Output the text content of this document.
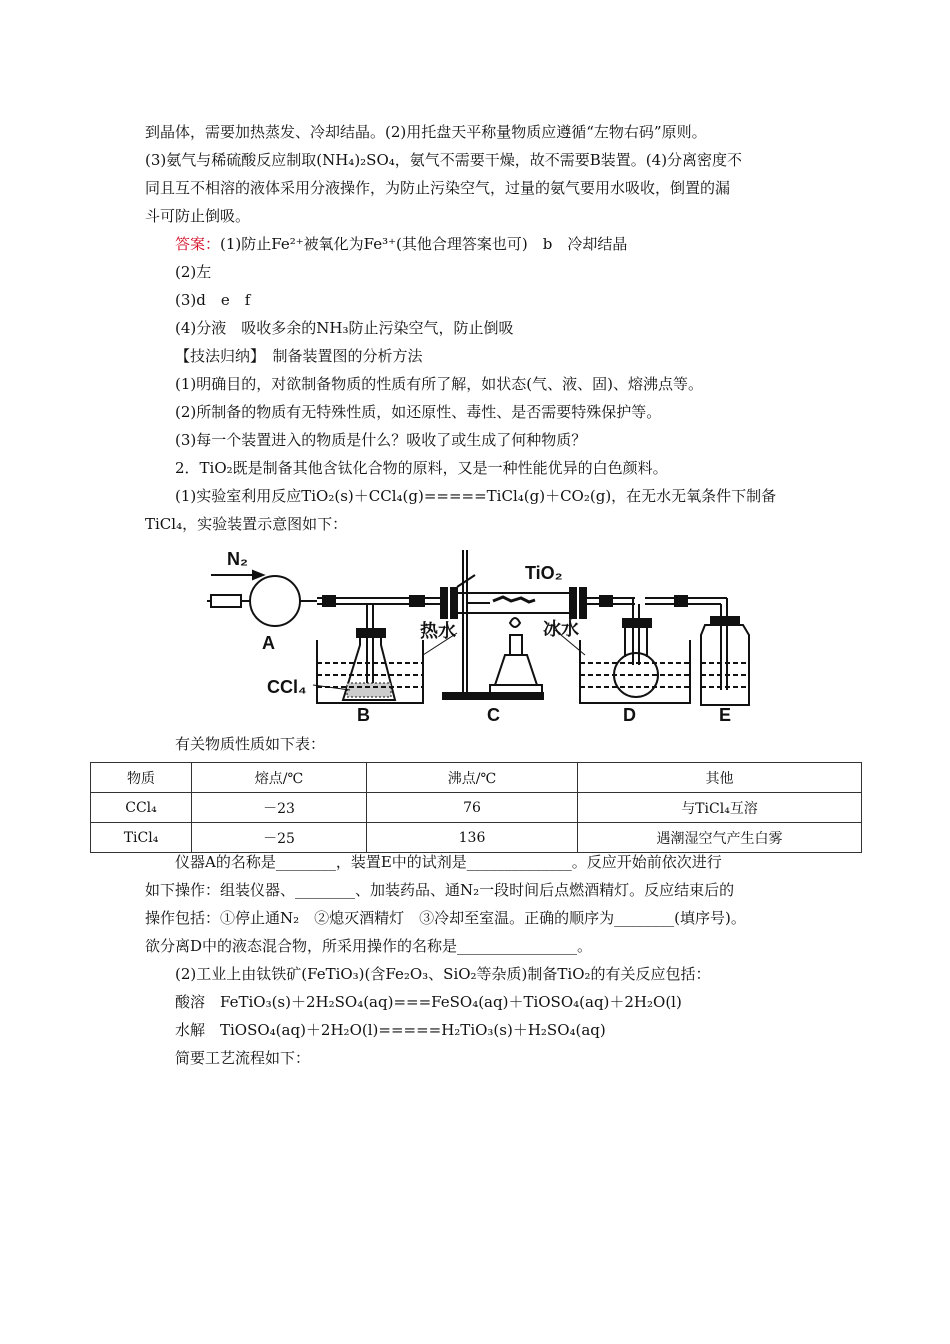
到晶体，需要加热蒸发、冷却结晶。(2)用托盘天平称量物质应遵循“左物右码”原则。
(3)氨气与稀硫酸反应制取(NH₄)₂SO₄，氨气不需要干燥，故不需要B装置。(4)分离密度不
同且互不相溶的液体采用分液操作，为防止污染空气，过量的氨气要用水吸收，倒置的漏
斗可防止倒吸。
答案：(1)防止Fe²⁺被氧化为Fe³⁺(其他合理答案也可)　b　冷却结晶
(2)左
(3)d　e　f
(4)分液　吸收多余的NH₃防止污染空气，防止倒吸
【技法归纳】　制备装置图的分析方法
(1)明确目的，对欲制备物质的性质有所了解，如状态(气、液、固)、熔沸点等。
(2)所制备的物质有无特殊性质，如还原性、毒性、是否需要特殊保护等。
(3)每一个装置进入的物质是什么？吸收了或生成了何种物质？
2．TiO₂既是制备其他含钛化合物的原料，又是一种性能优异的白色颜料。
(1)实验室利用反应TiO₂(s)＋CCl₄(g)=====TiCl₄(g)＋CO₂(g)，在无水无氧条件下制备
TiCl₄，实验装置示意图如下：
N₂
A
热水
TiO₂
冰水
CCl₄
B	C	D	E
有关物质性质如下表：
物质	熔点/℃	沸点/℃	其他
CCl₄	－23	76	与TiCl₄互溶
TiCl₄	－25	136	遇潮湿空气产生白雾
仪器A的名称是________，装置E中的试剂是______________。反应开始前依次进行
如下操作：组装仪器、________、加装药品、通N₂一段时间后点燃酒精灯。反应结束后的
操作包括：①停止通N₂　②熄灭酒精灯　③冷却至室温。正确的顺序为________(填序号)。
欲分离D中的液态混合物，所采用操作的名称是________________。
(2)工业上由钛铁矿(FeTiO₃)(含Fe₂O₃、SiO₂等杂质)制备TiO₂的有关反应包括：
酸溶　FeTiO₃(s)＋2H₂SO₄(aq)===FeSO₄(aq)＋TiOSO₄(aq)＋2H₂O(l)
水解　TiOSO₄(aq)＋2H₂O(l)=====H₂TiO₃(s)＋H₂SO₄(aq)
简要工艺流程如下：
